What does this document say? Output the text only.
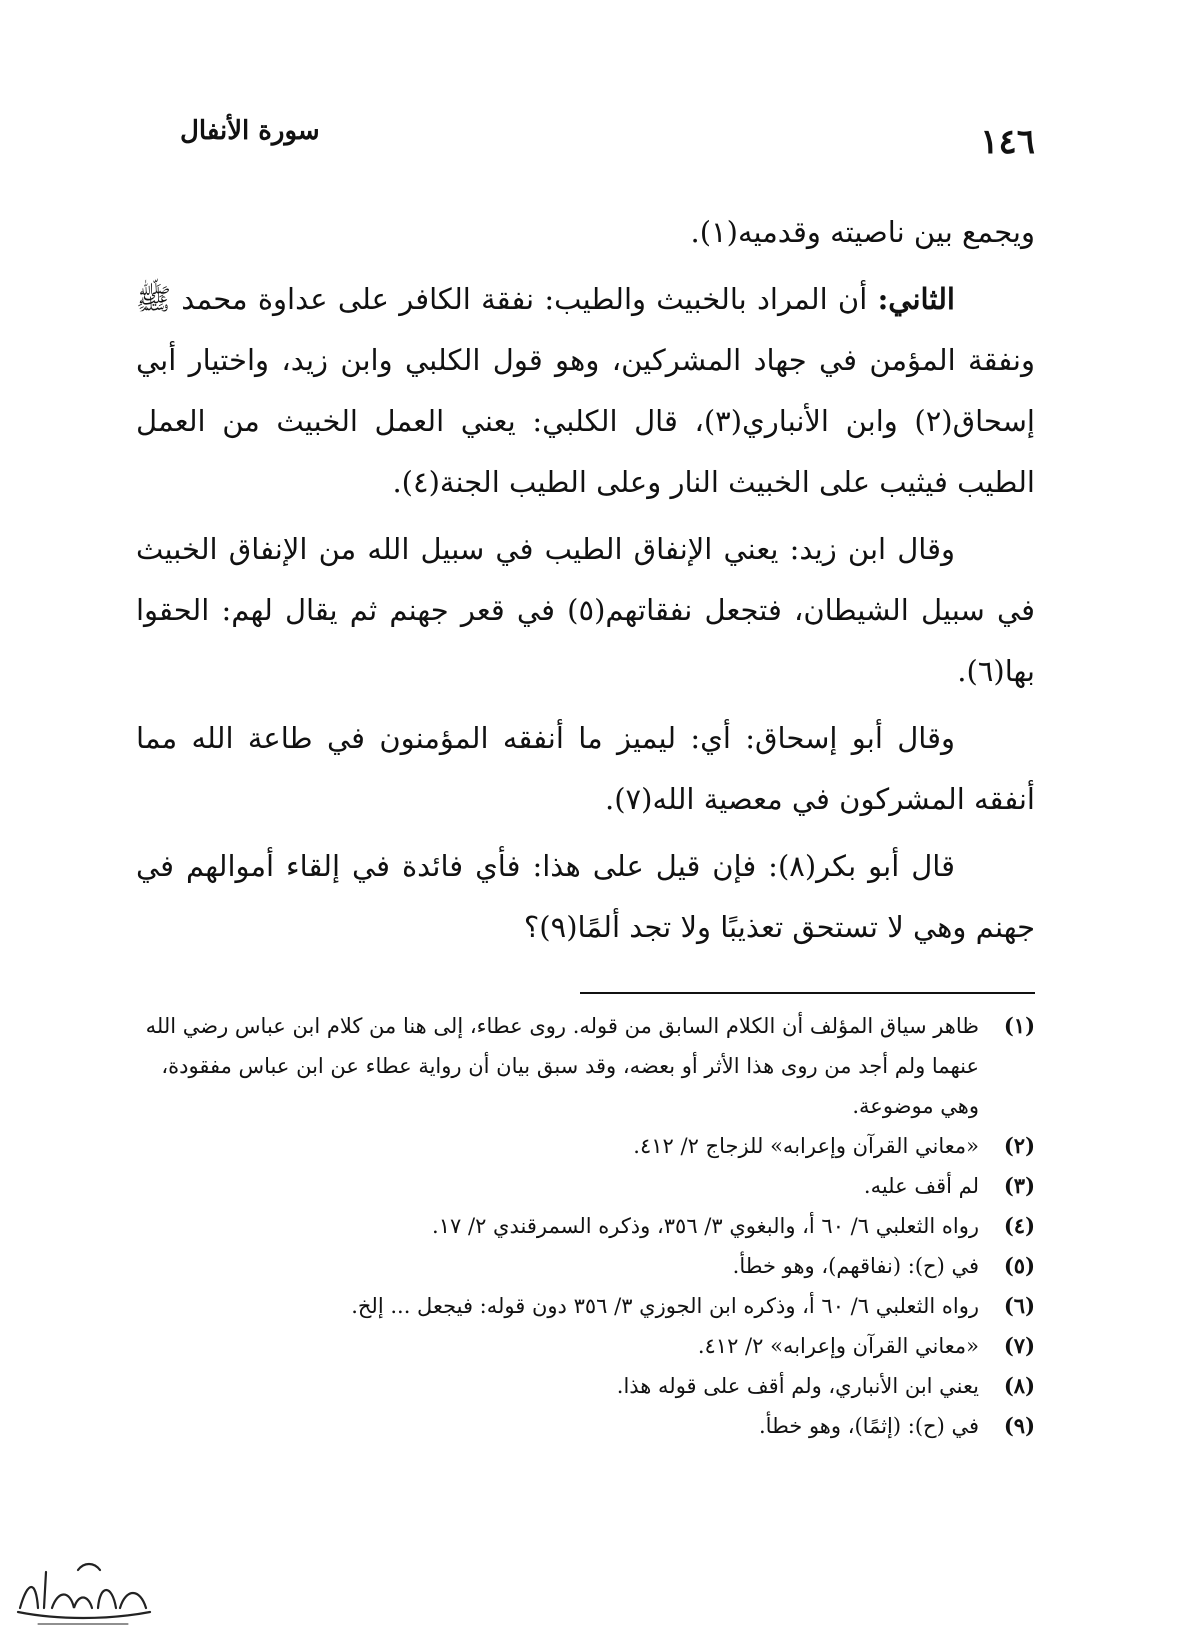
١٤٦
سورة الأنفال

ويجمع بين ناصيته وقدميه(١).

الثاني: أن المراد بالخبيث والطيب: نفقة الكافر على عداوة محمد ﷺ ونفقة المؤمن في جهاد المشركين، وهو قول الكلبي وابن زيد، واختيار أبي إسحاق(٢) وابن الأنباري(٣)، قال الكلبي: يعني العمل الخبيث من العمل الطيب فيثيب على الخبيث النار وعلى الطيب الجنة(٤).

وقال ابن زيد: يعني الإنفاق الطيب في سبيل الله من الإنفاق الخبيث في سبيل الشيطان، فتجعل نفقاتهم(٥) في قعر جهنم ثم يقال لهم: الحقوا بها(٦).

وقال أبو إسحاق: أي: ليميز ما أنفقه المؤمنون في طاعة الله مما أنفقه المشركون في معصية الله(٧).

قال أبو بكر(٨): فإن قيل على هذا: فأي فائدة في إلقاء أموالهم في جهنم وهي لا تستحق تعذيبًا ولا تجد ألمًا(٩)؟

(١)
ظاهر سياق المؤلف أن الكلام السابق من قوله. روى عطاء، إلى هنا من كلام ابن عباس رضي الله عنهما ولم أجد من روى هذا الأثر أو بعضه، وقد سبق بيان أن رواية عطاء عن ابن عباس مفقودة، وهي موضوعة.
(٢)
«معاني القرآن وإعرابه» للزجاج ٢/ ٤١٢.
(٣)
لم أقف عليه.
(٤)
رواه الثعلبي ٦/ ٦٠ أ، والبغوي ٣/ ٣٥٦، وذكره السمرقندي ٢/ ١٧.
(٥)
في (ح): (نفاقهم)، وهو خطأ.
(٦)
رواه الثعلبي ٦/ ٦٠ أ، وذكره ابن الجوزي ٣/ ٣٥٦ دون قوله: فيجعل ... إلخ.
(٧)
«معاني القرآن وإعرابه» ٢/ ٤١٢.
(٨)
يعني ابن الأنباري، ولم أقف على قوله هذا.
(٩)
في (ح): (إثمًا)، وهو خطأ.
